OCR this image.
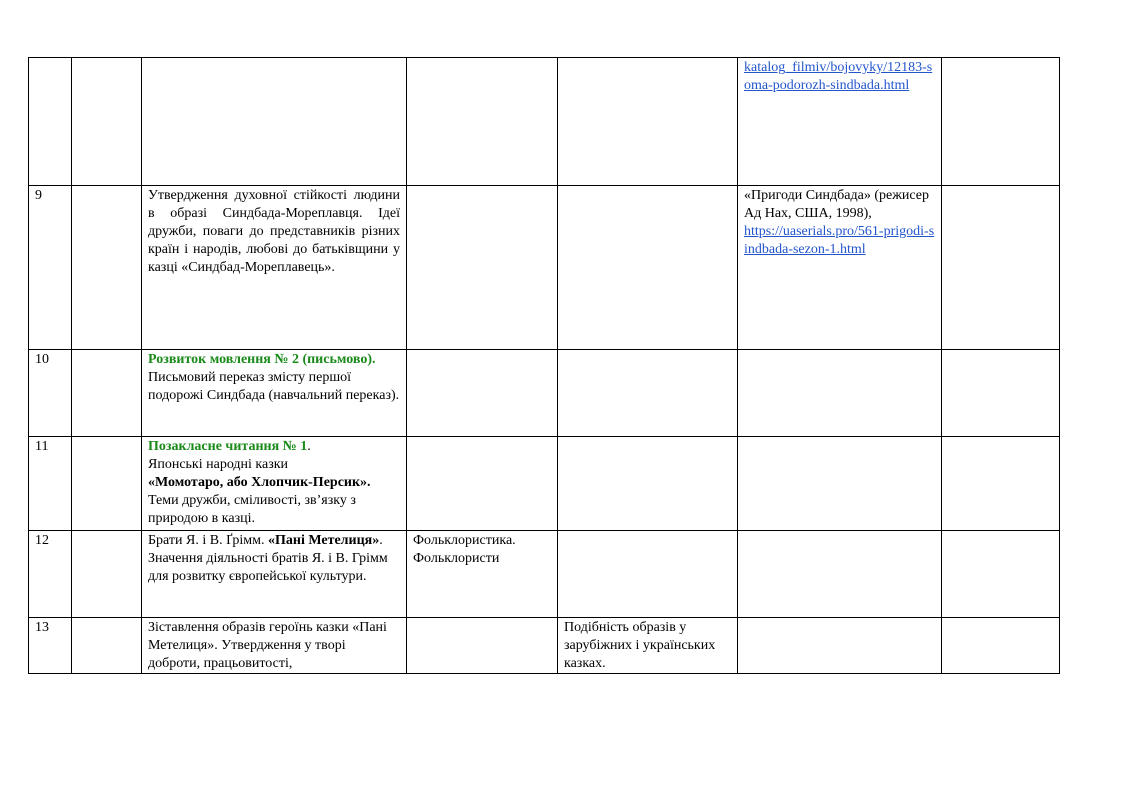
					katalog_filmiv/bojovyky/12183-soma-podorozh-sindbada.html	
9		Утвердження духовної стійкості людини в образі Синдбада-Мореплавця. Ідеї дружби, поваги до представників різних країн і народів, любові до батьківщини у казці «Синдбад-Мореплавець».			«Пригоди Синдбада» (режисер Ад Нах, США, 1998),
https://uaserials.pro/561-prigodi-sindbada-sezon-1.html	

10		Розвиток мовлення № 2 (письмово). Письмовий переказ змісту першої подорожі Синдбада (навчальний переказ).				
11		Позакласне читання № 1.
Японські народні казки
«Момотаро, або Хлопчик-Персик». Теми дружби, сміливості, зв’язку з природою в казці.				
12		Брати Я. і В. Ґрімм. «Пані Метелиця». Значення діяльності братів Я. і В. Грімм для розвитку європейської культури.	Фольклористика. Фольклористи			
13		Зіставлення образів героїнь казки «Пані Метелиця». Утвердження у творі доброти, працьовитості,		Подібність образів у зарубіжних і українських казках.		
